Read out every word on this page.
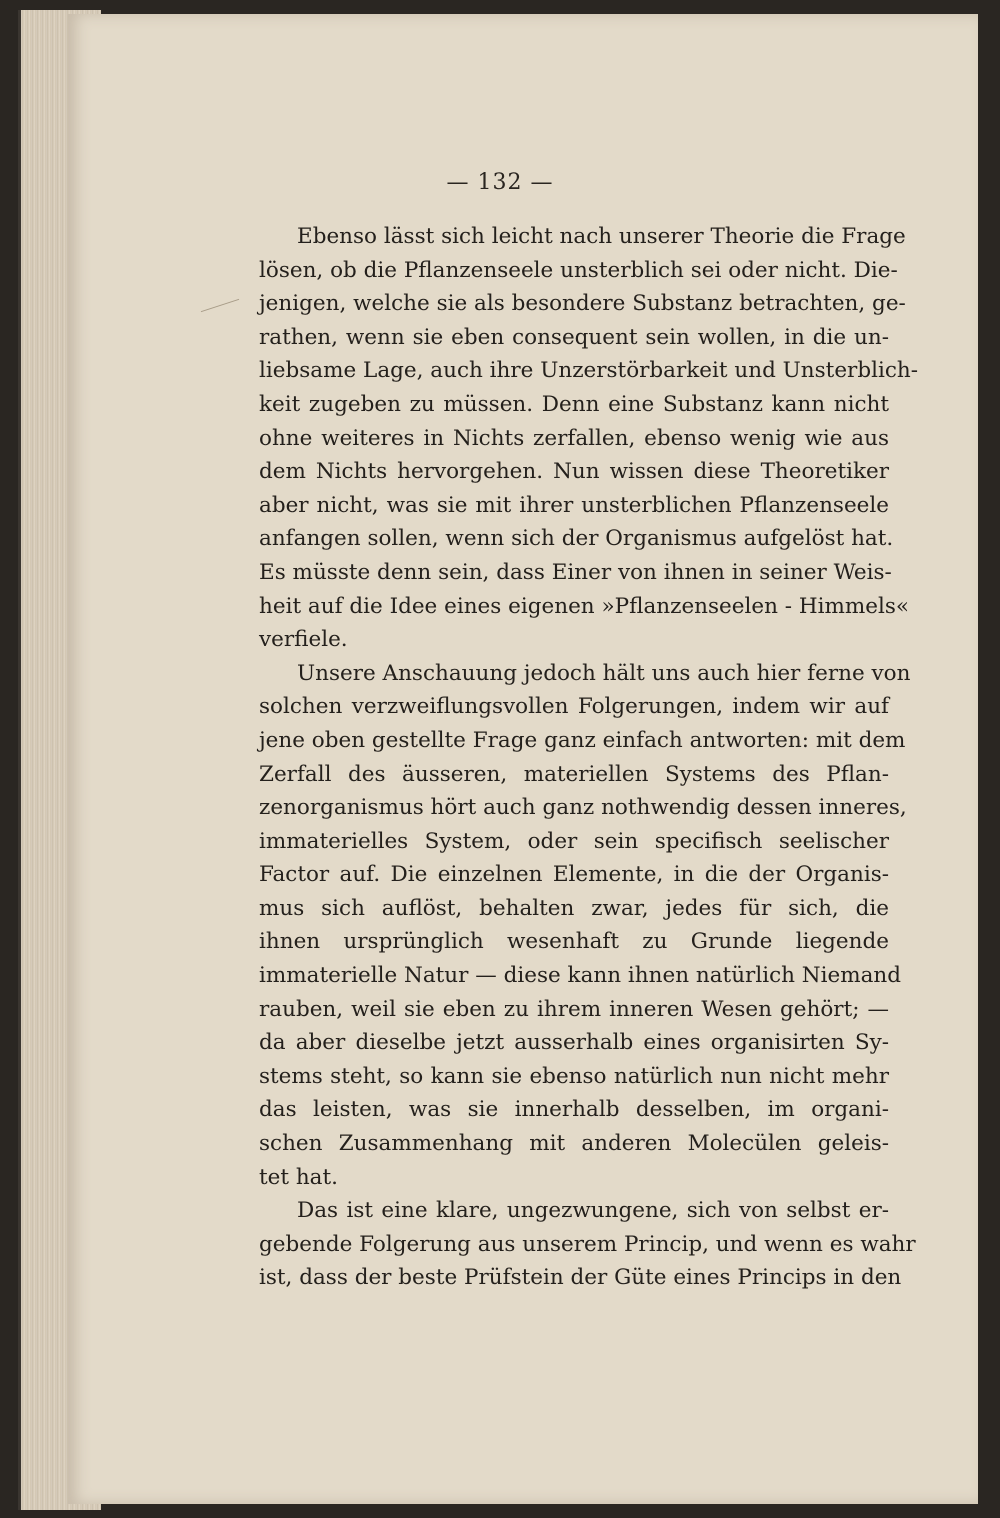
— 132 —
Ebenso lässt sich leicht nach unserer Theorie die Frage
lösen, ob die Pflanzenseele unsterblich sei oder nicht. Die-
jenigen, welche sie als besondere Substanz betrachten, ge-
rathen, wenn sie eben consequent sein wollen, in die un-
liebsame Lage, auch ihre Unzerstörbarkeit und Unsterblich-
keit zugeben zu müssen. Denn eine Substanz kann nicht
ohne weiteres in Nichts zerfallen, ebenso wenig wie aus
dem Nichts hervorgehen. Nun wissen diese Theoretiker
aber nicht, was sie mit ihrer unsterblichen Pflanzenseele
anfangen sollen, wenn sich der Organismus aufgelöst hat.
Es müsste denn sein, dass Einer von ihnen in seiner Weis-
heit auf die Idee eines eigenen »Pflanzenseelen - Himmels«
verfiele.
Unsere Anschauung jedoch hält uns auch hier ferne von
solchen verzweiflungsvollen Folgerungen, indem wir auf
jene oben gestellte Frage ganz einfach antworten: mit dem
Zerfall des äusseren, materiellen Systems des Pflan-
zenorganismus hört auch ganz nothwendig dessen inneres,
immaterielles System, oder sein specifisch seelischer
Factor auf. Die einzelnen Elemente, in die der Organis-
mus sich auflöst, behalten zwar, jedes für sich, die
ihnen ursprünglich wesenhaft zu Grunde liegende
immaterielle Natur — diese kann ihnen natürlich Niemand
rauben, weil sie eben zu ihrem inneren Wesen gehört; —
da aber dieselbe jetzt ausserhalb eines organisirten Sy-
stems steht, so kann sie ebenso natürlich nun nicht mehr
das leisten, was sie innerhalb desselben, im organi-
schen Zusammenhang mit anderen Molecülen geleis-
tet hat.
Das ist eine klare, ungezwungene, sich von selbst er-
gebende Folgerung aus unserem Princip, und wenn es wahr
ist, dass der beste Prüfstein der Güte eines Princips in den
